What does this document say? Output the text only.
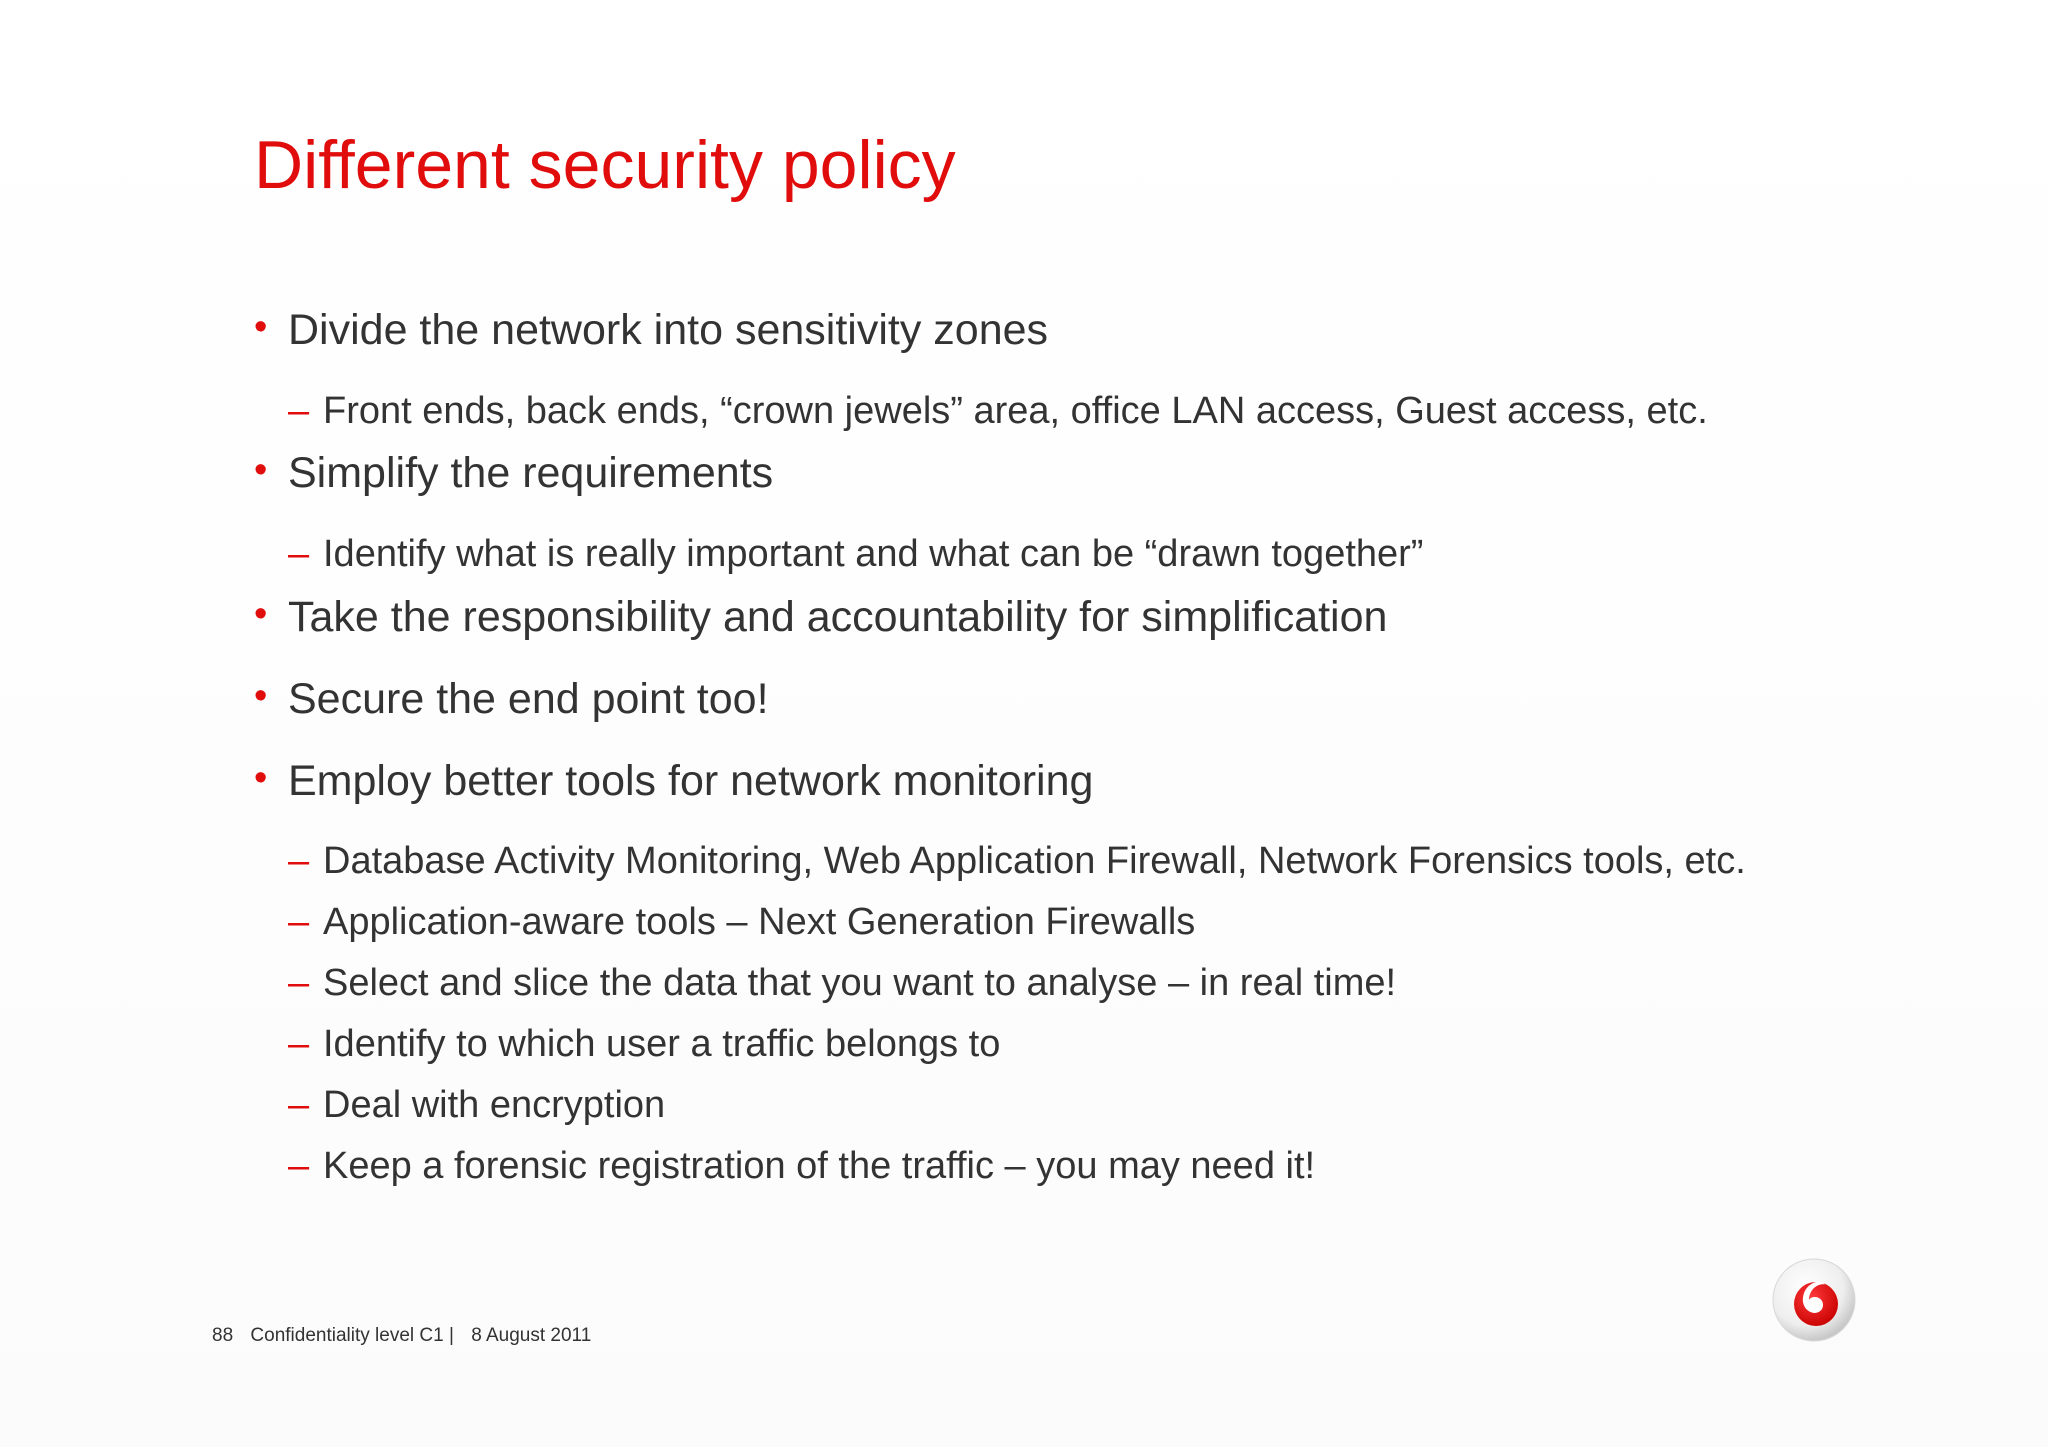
Different security policy
• Divide the network into sensitivity zones
– Front ends, back ends, “crown jewels” area, office LAN access, Guest access, etc.
• Simplify the requirements
– Identify what is really important and what can be “drawn together”
• Take the responsibility and accountability for simplification
• Secure the end point too!
• Employ better tools for network monitoring
– Database Activity Monitoring, Web Application Firewall, Network Forensics tools, etc.
– Application-aware tools – Next Generation Firewalls
– Select and slice the data that you want to analyse – in real time!
– Identify to which user a traffic belongs to
– Deal with encryption
– Keep a forensic registration of the traffic – you may need it!
88 Confidentiality level C1 | 8 August 2011
